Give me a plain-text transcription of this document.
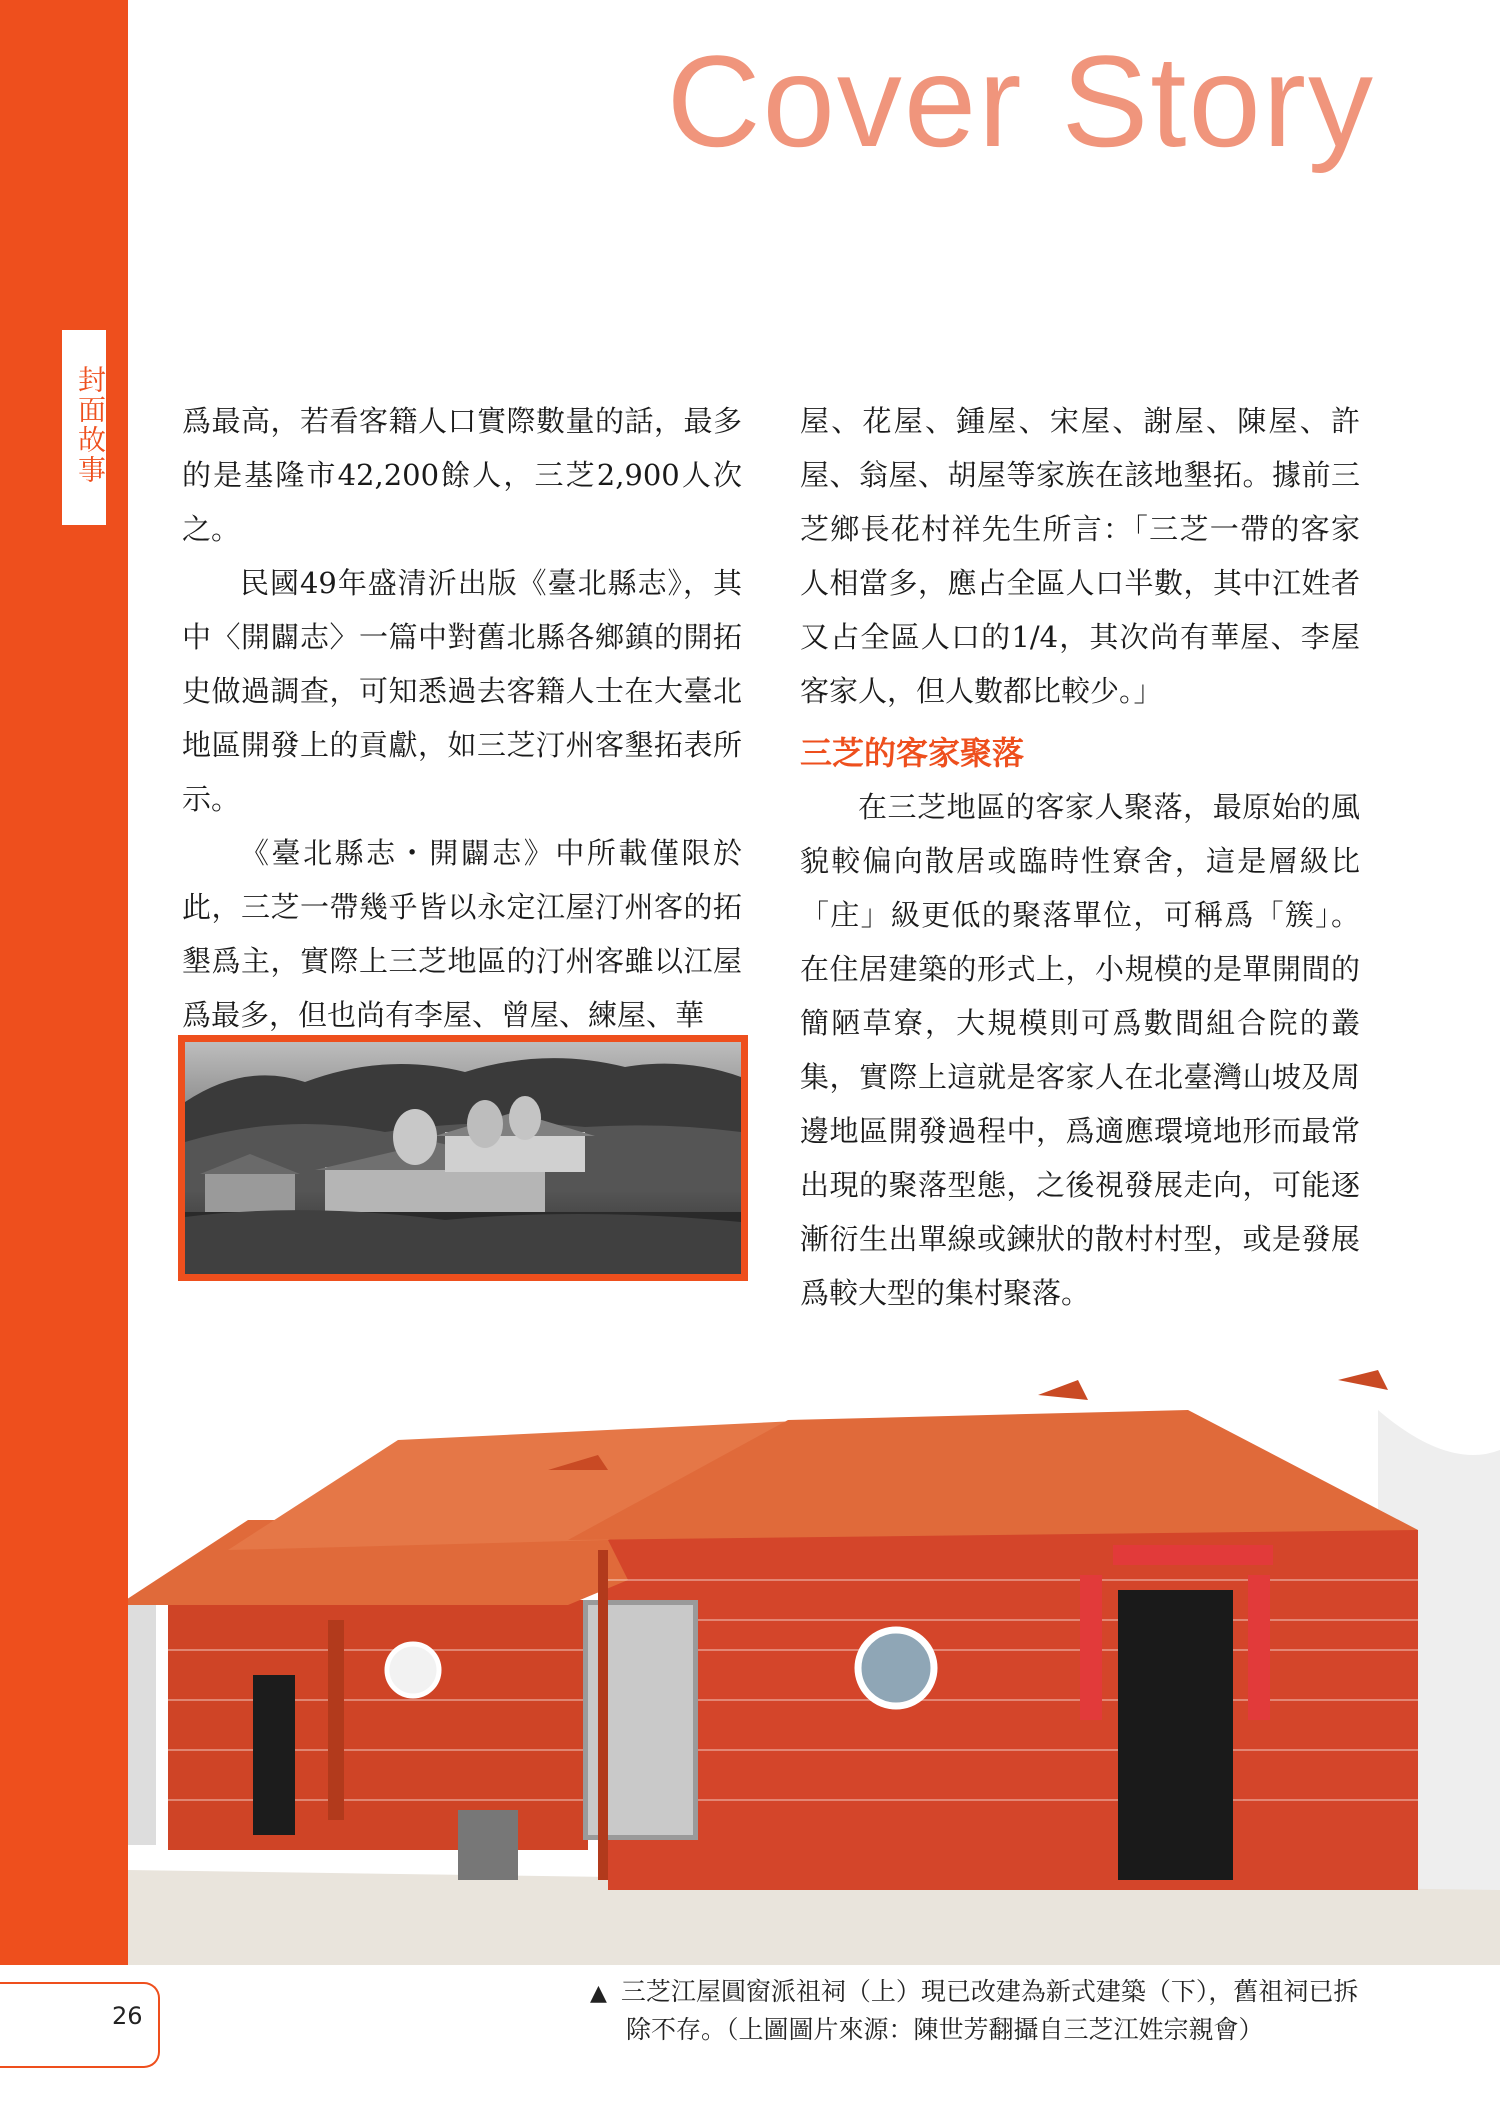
封面故事
Cover Story

爲最高，若看客籍人口實際數量的話，最多的是基隆市42,200餘人，三芝2,900人次之。

民國49年盛清沂出版《臺北縣志》，其中〈開闢志〉一篇中對舊北縣各鄉鎮的開拓史做過調查，可知悉過去客籍人士在大臺北地區開發上的貢獻，如三芝汀州客墾拓表所示。

《臺北縣志・開闢志》中所載僅限於此，三芝一帶幾乎皆以永定江屋汀州客的拓墾爲主，實際上三芝地區的汀州客雖以江屋爲最多，但也尚有李屋、曾屋、練屋、華

屋、花屋、鍾屋、宋屋、謝屋、陳屋、許屋、翁屋、胡屋等家族在該地墾拓。據前三芝鄉長花村祥先生所言：「三芝一帶的客家人相當多，應占全區人口半數，其中江姓者又占全區人口的1/4，其次尚有華屋、李屋客家人，但人數都比較少。」

三芝的客家聚落

在三芝地區的客家人聚落，最原始的風貌較偏向散居或臨時性寮舍，這是層級比「庄」級更低的聚落單位，可稱爲「簇」。在住居建築的形式上，小規模的是單開間的簡陋草寮，大規模則可爲數間組合院的叢集，實際上這就是客家人在北臺灣山坡及周邊地區開發過程中，爲適應環境地形而最常出現的聚落型態，之後視發展走向，可能逐漸衍生出單線或鍊狀的散村村型，或是發展爲較大型的集村聚落。

▲ 三芝江屋圓窗派祖祠（上）現已改建為新式建築（下），舊祖祠已拆
除不存。（上圖圖片來源：陳世芳翻攝自三芝江姓宗親會）
26
